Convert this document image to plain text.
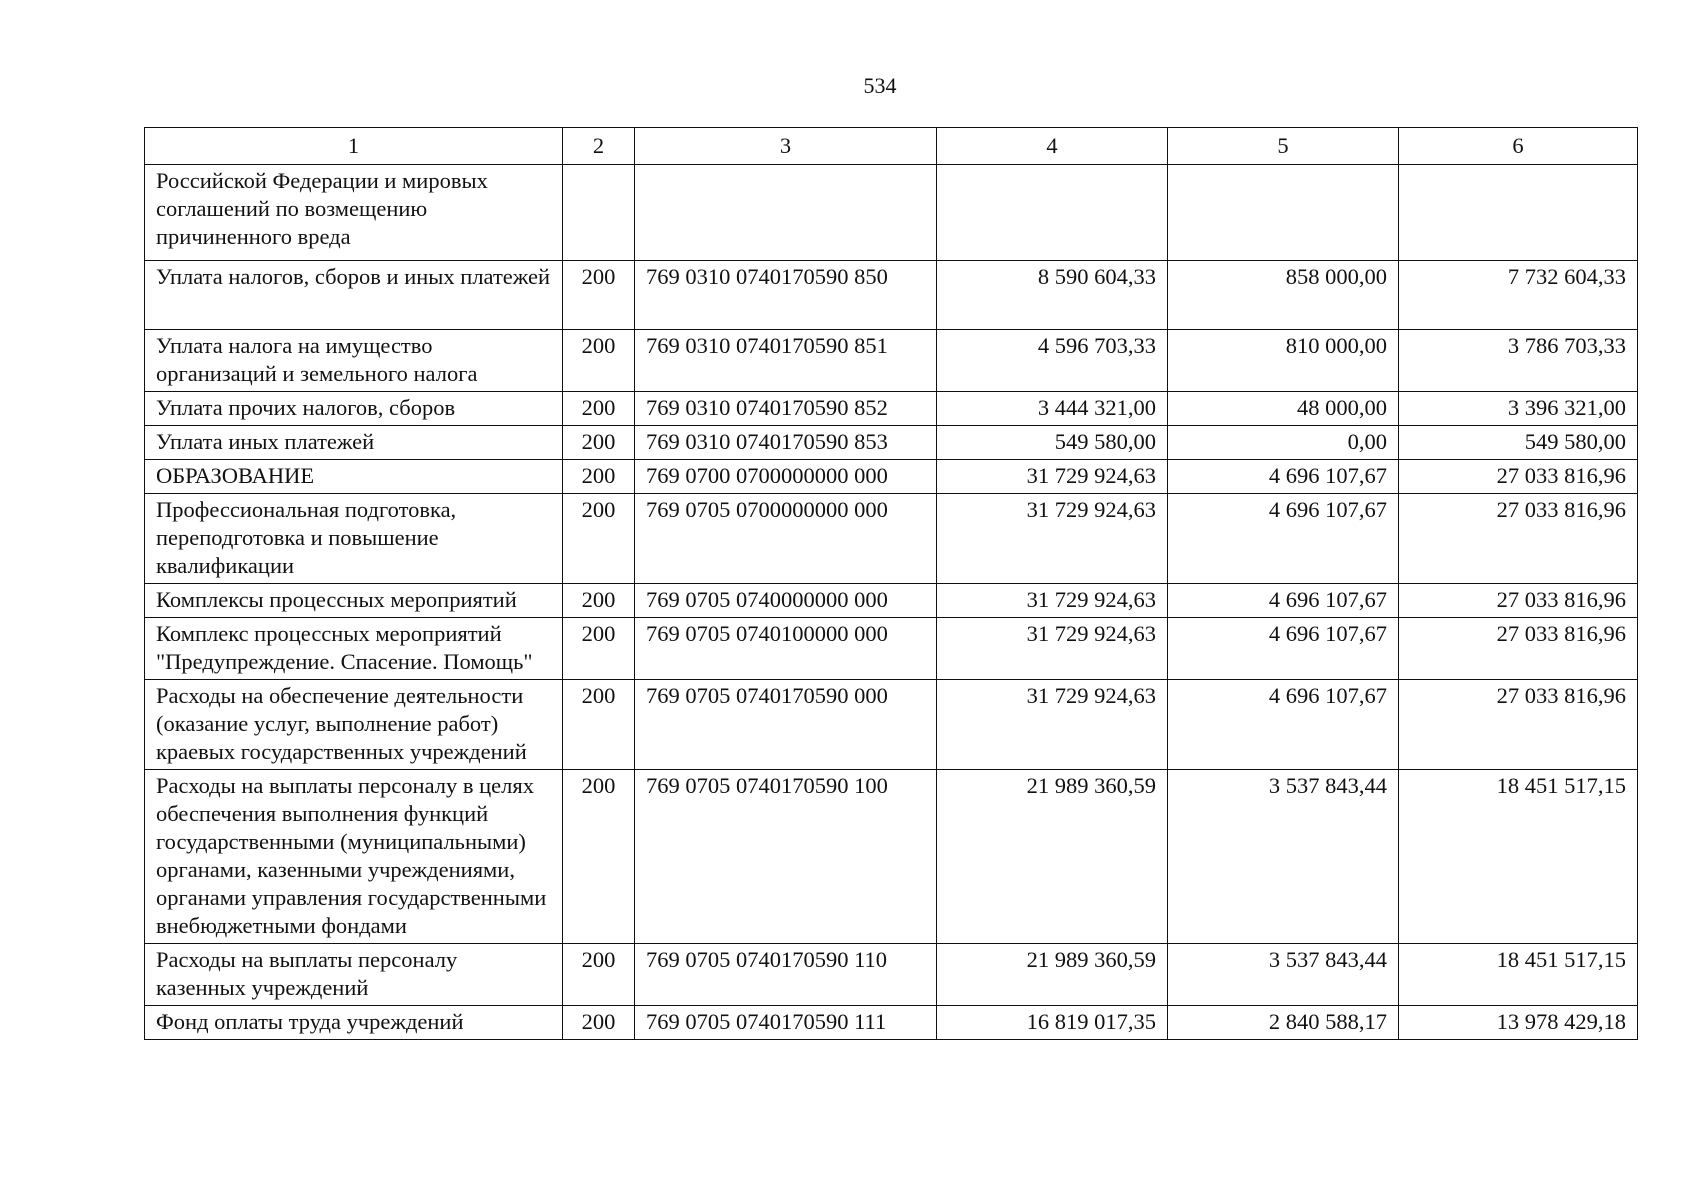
534
1	2	3	4	5	6
Российской Федерации и мировых соглашений по возмещению причиненного вреда					
Уплата налогов, сборов и иных платежей	200	769 0310 0740170590 850	8 590 604,33	858 000,00	7 732 604,33
Уплата налога на имущество организаций и земельного налога	200	769 0310 0740170590 851	4 596 703,33	810 000,00	3 786 703,33
Уплата прочих налогов, сборов	200	769 0310 0740170590 852	3 444 321,00	48 000,00	3 396 321,00
Уплата иных платежей	200	769 0310 0740170590 853	549 580,00	0,00	549 580,00
ОБРАЗОВАНИЕ	200	769 0700 0700000000 000	31 729 924,63	4 696 107,67	27 033 816,96
Профессиональная подготовка, переподготовка и повышение квалификации	200	769 0705 0700000000 000	31 729 924,63	4 696 107,67	27 033 816,96
Комплексы процессных мероприятий	200	769 0705 0740000000 000	31 729 924,63	4 696 107,67	27 033 816,96
Комплекс процессных мероприятий "Предупреждение. Спасение. Помощь"	200	769 0705 0740100000 000	31 729 924,63	4 696 107,67	27 033 816,96
Расходы на обеспечение деятельности (оказание услуг, выполнение работ) краевых государственных учреждений	200	769 0705 0740170590 000	31 729 924,63	4 696 107,67	27 033 816,96
Расходы на выплаты персоналу в целях обеспечения выполнения функций государственными (муниципальными) органами, казенными учреждениями, органами управления государственными внебюджетными фондами	200	769 0705 0740170590 100	21 989 360,59	3 537 843,44	18 451 517,15
Расходы на выплаты персоналу казенных учреждений	200	769 0705 0740170590 110	21 989 360,59	3 537 843,44	18 451 517,15
Фонд оплаты труда учреждений	200	769 0705 0740170590 111	16 819 017,35	2 840 588,17	13 978 429,18
